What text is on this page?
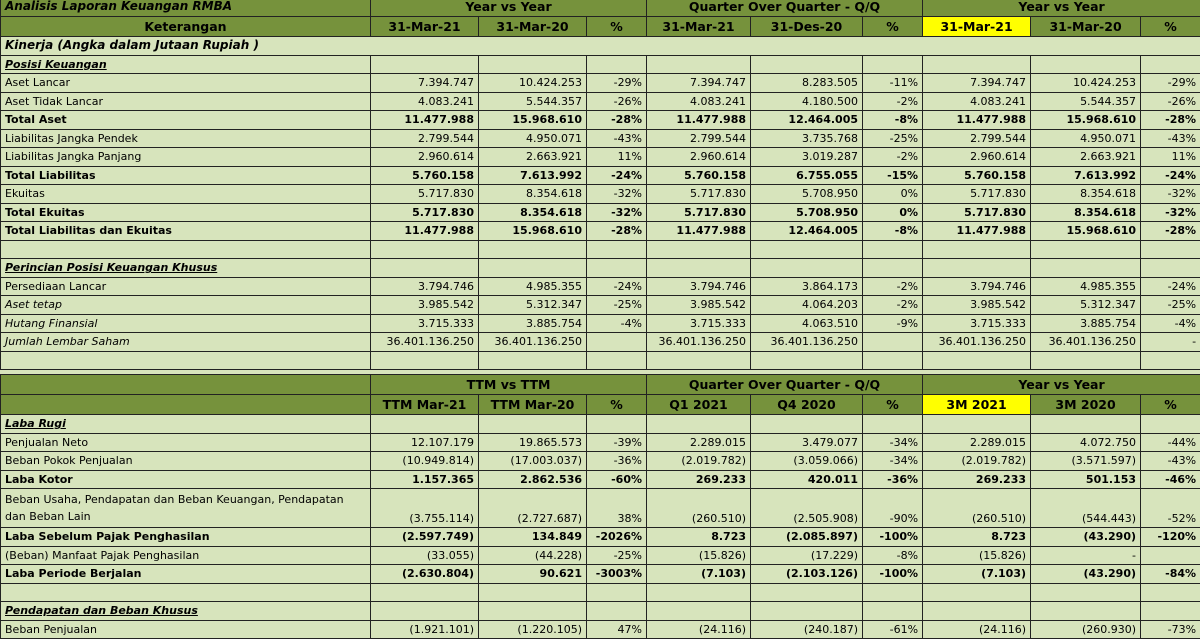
Analisis Laporan Keuangan RMBA	Year vs Year			Quarter Over Quarter - Q/Q			Year vs Year		
Keterangan	31-Mar-21	31-Mar-20	%	31-Mar-21	31-Des-20	%	31-Mar-21	31-Mar-20	%
Kinerja (Angka dalam Jutaan Rupiah )									
Posisi Keuangan									
Aset Lancar	7.394.747	10.424.253	-29%	7.394.747	8.283.505	-11%	7.394.747	10.424.253	-29%
Aset Tidak Lancar	4.083.241	5.544.357	-26%	4.083.241	4.180.500	-2%	4.083.241	5.544.357	-26%
Total Aset	11.477.988	15.968.610	-28%	11.477.988	12.464.005	-8%	11.477.988	15.968.610	-28%
Liabilitas Jangka Pendek	2.799.544	4.950.071	-43%	2.799.544	3.735.768	-25%	2.799.544	4.950.071	-43%
Liabilitas Jangka Panjang	2.960.614	2.663.921	11%	2.960.614	3.019.287	-2%	2.960.614	2.663.921	11%
Total Liabilitas	5.760.158	7.613.992	-24%	5.760.158	6.755.055	-15%	5.760.158	7.613.992	-24%
Ekuitas	5.717.830	8.354.618	-32%	5.717.830	5.708.950	0%	5.717.830	8.354.618	-32%
Total Ekuitas	5.717.830	8.354.618	-32%	5.717.830	5.708.950	0%	5.717.830	8.354.618	-32%
Total Liabilitas dan Ekuitas	11.477.988	15.968.610	-28%	11.477.988	12.464.005	-8%	11.477.988	15.968.610	-28%

Perincian Posisi Keuangan Khusus									
Persediaan Lancar	3.794.746	4.985.355	-24%	3.794.746	3.864.173	-2%	3.794.746	4.985.355	-24%
Aset tetap	3.985.542	5.312.347	-25%	3.985.542	4.064.203	-2%	3.985.542	5.312.347	-25%
Hutang Finansial	3.715.333	3.885.754	-4%	3.715.333	4.063.510	-9%	3.715.333	3.885.754	-4%
Jumlah Lembar Saham	36.401.136.250	36.401.136.250		36.401.136.250	36.401.136.250		36.401.136.250	36.401.136.250	-

	TTM vs TTM			Quarter Over Quarter - Q/Q			Year vs Year		
	TTM Mar-21	TTM Mar-20	%	Q1 2021	Q4 2020	%	3M 2021	3M 2020	%
Laba Rugi									
Penjualan Neto	12.107.179	19.865.573	-39%	2.289.015	3.479.077	-34%	2.289.015	4.072.750	-44%
Beban Pokok Penjualan	(10.949.814)	(17.003.037)	-36%	(2.019.782)	(3.059.066)	-34%	(2.019.782)	(3.571.597)	-43%
Laba Kotor	1.157.365	2.862.536	-60%	269.233	420.011	-36%	269.233	501.153	-46%
Beban Usaha, Pendapatan dan Beban Keuangan, Pendapatan dan Beban Lain	(3.755.114)	(2.727.687)	38%	(260.510)	(2.505.908)	-90%	(260.510)	(544.443)	-52%
Laba Sebelum Pajak Penghasilan	(2.597.749)	134.849	-2026%	8.723	(2.085.897)	-100%	8.723	(43.290)	-120%
(Beban) Manfaat Pajak Penghasilan	(33.055)	(44.228)	-25%	(15.826)	(17.229)	-8%	(15.826)	-	
Laba Periode Berjalan	(2.630.804)	90.621	-3003%	(7.103)	(2.103.126)	-100%	(7.103)	(43.290)	-84%

Pendapatan dan Beban Khusus									
Beban Penjualan	(1.921.101)	(1.220.105)	47%	(24.116)	(240.187)	-61%	(24.116)	(260.930)	-73%
